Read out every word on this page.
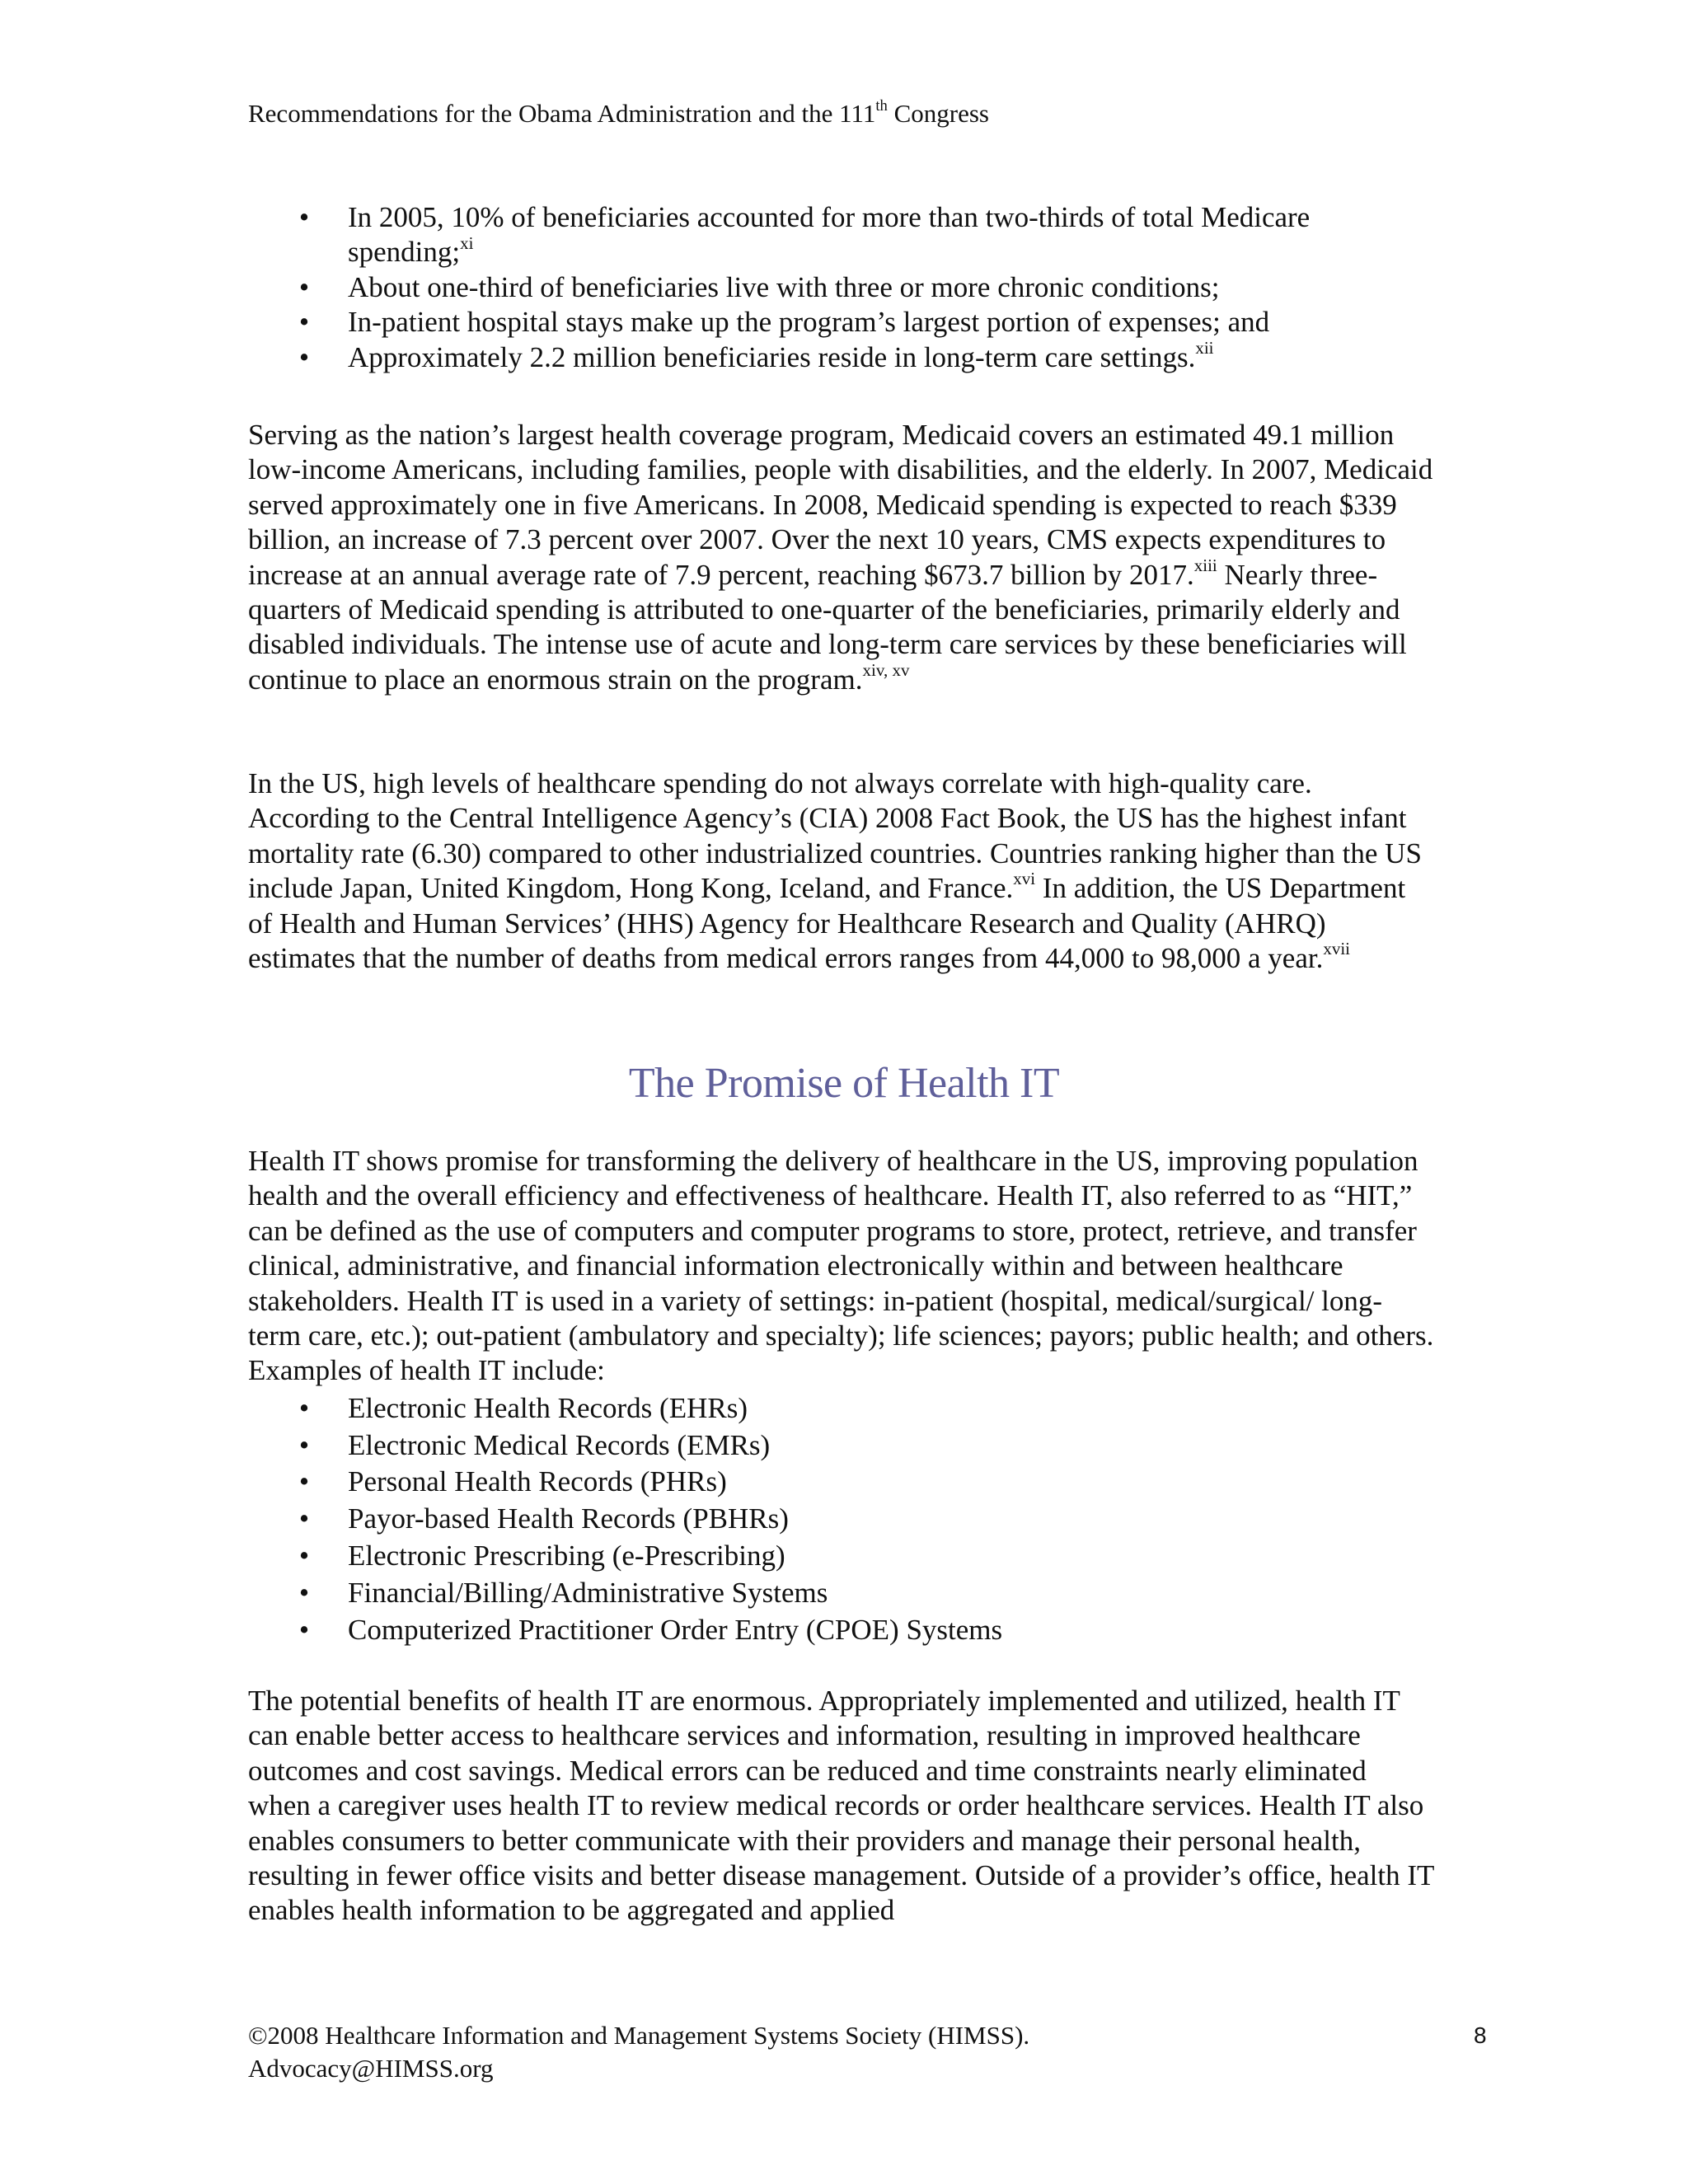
Recommendations for the Obama Administration and the 111th Congress
• In 2005, 10% of beneficiaries accounted for more than two-thirds of total Medicare spending;$^{xi}$
• About one-third of beneficiaries live with three or more chronic conditions;
• In-patient hospital stays make up the program’s largest portion of expenses; and
• Approximately 2.2 million beneficiaries reside in long-term care settings.$^{xii}$

Serving as the nation’s largest health coverage program, Medicaid covers an estimated 49.1 million low-income Americans, including families, people with disabilities, and the elderly. In 2007, Medicaid served approximately one in five Americans. In 2008, Medicaid spending is expected to reach $339 billion, an increase of 7.3 percent over 2007. Over the next 10 years, CMS expects expenditures to increase at an annual average rate of 7.9 percent, reaching $673.7 billion by 2017.$^{xiii}$ Nearly three-quarters of Medicaid spending is attributed to one-quarter of the beneficiaries, primarily elderly and disabled individuals. The intense use of acute and long-term care services by these beneficiaries will continue to place an enormous strain on the program.$^{xiv, xv}$

In the US, high levels of healthcare spending do not always correlate with high-quality care. According to the Central Intelligence Agency’s (CIA) 2008 Fact Book, the US has the highest infant mortality rate (6.30) compared to other industrialized countries. Countries ranking higher than the US include Japan, United Kingdom, Hong Kong, Iceland, and France.$^{xvi}$ In addition, the US Department of Health and Human Services’ (HHS) Agency for Healthcare Research and Quality (AHRQ) estimates that the number of deaths from medical errors ranges from 44,000 to 98,000 a year.$^{xvii}$

The Promise of Health IT

Health IT shows promise for transforming the delivery of healthcare in the US, improving population health and the overall efficiency and effectiveness of healthcare. Health IT, also referred to as “HIT,” can be defined as the use of computers and computer programs to store, protect, retrieve, and transfer clinical, administrative, and financial information electronically within and between healthcare stakeholders. Health IT is used in a variety of settings: in-patient (hospital, medical/surgical/ long-term care, etc.); out-patient (ambulatory and specialty); life sciences; payors; public health; and others. Examples of health IT include:

• Electronic Health Records (EHRs)
• Electronic Medical Records (EMRs)
• Personal Health Records (PHRs)
• Payor-based Health Records (PBHRs)
• Electronic Prescribing (e-Prescribing)
• Financial/Billing/Administrative Systems
• Computerized Practitioner Order Entry (CPOE) Systems

The potential benefits of health IT are enormous. Appropriately implemented and utilized, health IT can enable better access to healthcare services and information, resulting in improved healthcare outcomes and cost savings. Medical errors can be reduced and time constraints nearly eliminated when a caregiver uses health IT to review medical records or order healthcare services. Health IT also enables consumers to better communicate with their providers and manage their personal health, resulting in fewer office visits and better disease management. Outside of a provider’s office, health IT enables health information to be aggregated and applied

©2008 Healthcare Information and Management Systems Society (HIMSS).
Advocacy@HIMSS.org
8
